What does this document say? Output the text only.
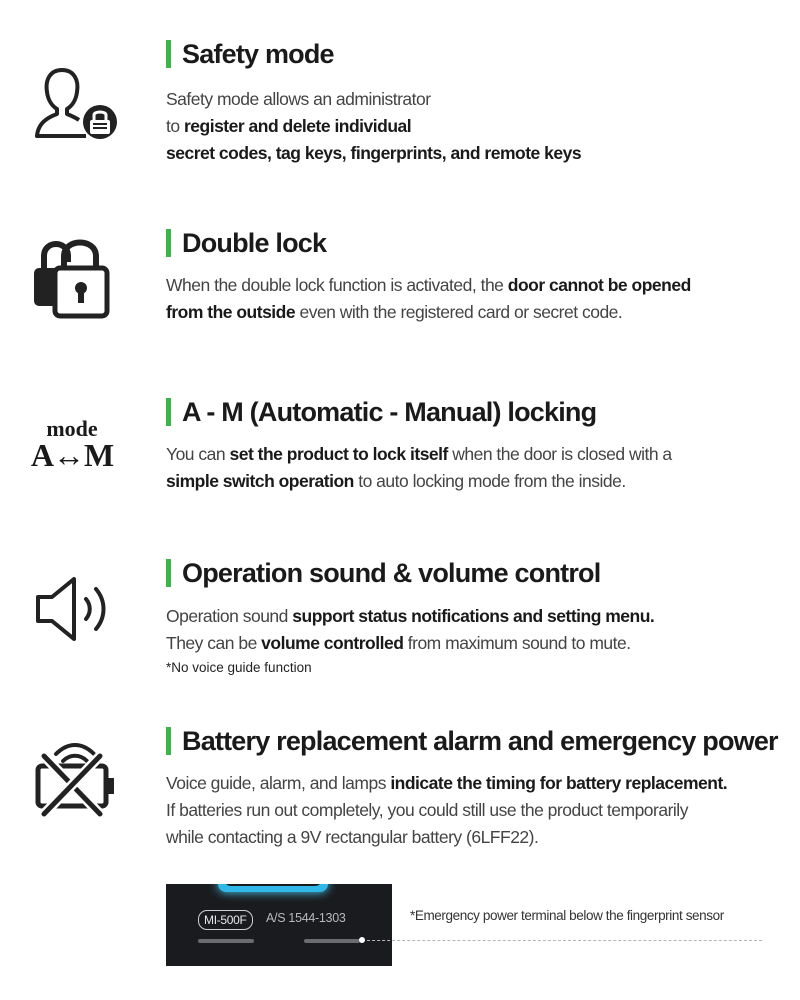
Safety mode
Safety mode allows an administrator
to register and delete individual
secret codes, tag keys, fingerprints, and remote keys
Double lock
When the double lock function is activated, the door cannot be opened
from the outside even with the registered card or secret code.
A - M (Automatic - Manual) locking
mode
A↔M	You can set the product to lock itself when the door is closed with a
simple switch operation to auto locking mode from the inside.
Operation sound & volume control
Operation sound support status notifications and setting menu.
They can be volume controlled from maximum sound to mute.
*No voice guide function
Battery replacement alarm and emergency power
Voice guide, alarm, and lamps indicate the timing for battery replacement.
If batteries run out completely, you could still use the product temporarily
while contacting a 9V rectangular battery (6LFF22).
MI-500F	A/S 1544-1303	*Emergency power terminal below the fingerprint sensor
